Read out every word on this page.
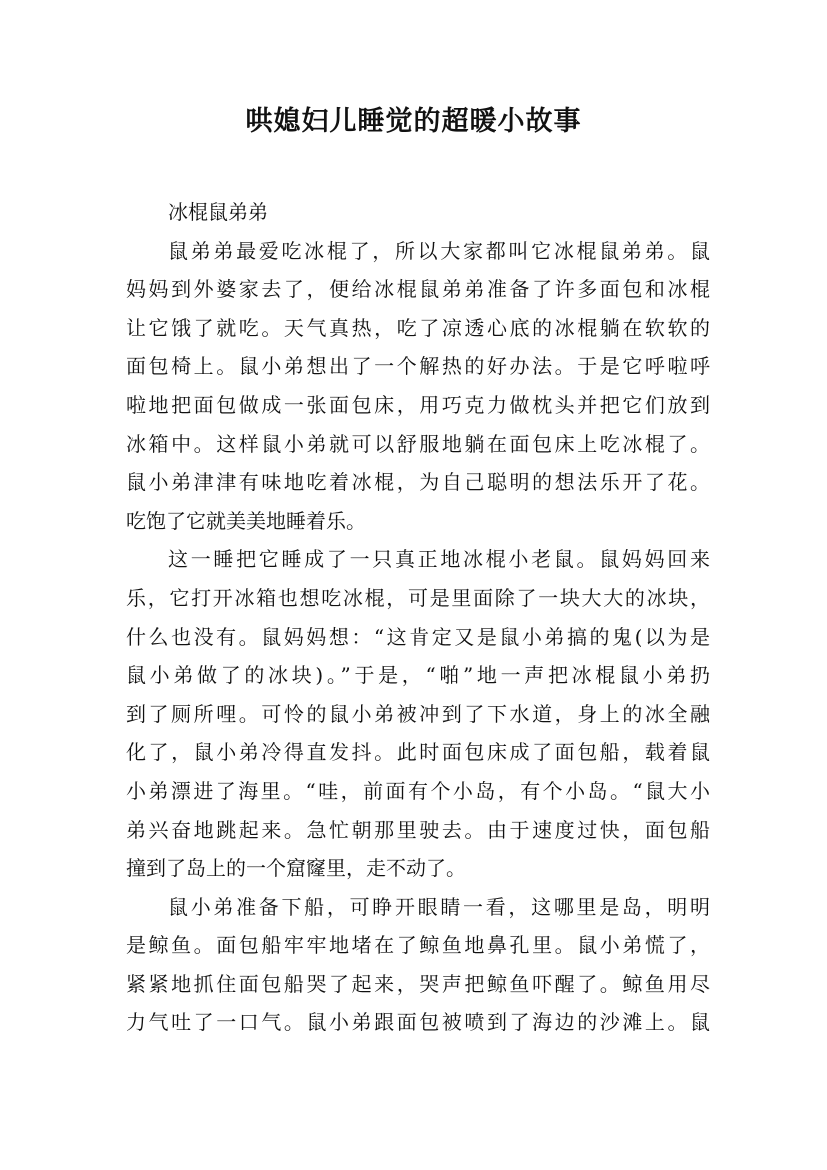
哄媳妇儿睡觉的超暖小故事
冰棍鼠弟弟
鼠弟弟最爱吃冰棍了，所以大家都叫它冰棍鼠弟弟。鼠
妈妈到外婆家去了，便给冰棍鼠弟弟准备了许多面包和冰棍
让它饿了就吃。天气真热，吃了凉透心底的冰棍躺在软软的
面包椅上。鼠小弟想出了一个解热的好办法。于是它呼啦呼
啦地把面包做成一张面包床，用巧克力做枕头并把它们放到
冰箱中。这样鼠小弟就可以舒服地躺在面包床上吃冰棍了。
鼠小弟津津有味地吃着冰棍，为自己聪明的想法乐开了花。
吃饱了它就美美地睡着乐。
这一睡把它睡成了一只真正地冰棍小老鼠。鼠妈妈回来
乐，它打开冰箱也想吃冰棍，可是里面除了一块大大的冰块，
什么也没有。鼠妈妈想：“这肯定又是鼠小弟搞的鬼(以为是
鼠小弟做了的冰块)。”于是，“啪”地一声把冰棍鼠小弟扔
到了厕所哩。可怜的鼠小弟被冲到了下水道，身上的冰全融
化了，鼠小弟冷得直发抖。此时面包床成了面包船，载着鼠
小弟漂进了海里。“哇，前面有个小岛，有个小岛。“鼠大小
弟兴奋地跳起来。急忙朝那里驶去。由于速度过快，面包船
撞到了岛上的一个窟窿里，走不动了。
鼠小弟准备下船，可睁开眼睛一看，这哪里是岛，明明
是鲸鱼。面包船牢牢地堵在了鲸鱼地鼻孔里。鼠小弟慌了，
紧紧地抓住面包船哭了起来，哭声把鲸鱼吓醒了。鲸鱼用尽
力气吐了一口气。鼠小弟跟面包被喷到了海边的沙滩上。鼠
